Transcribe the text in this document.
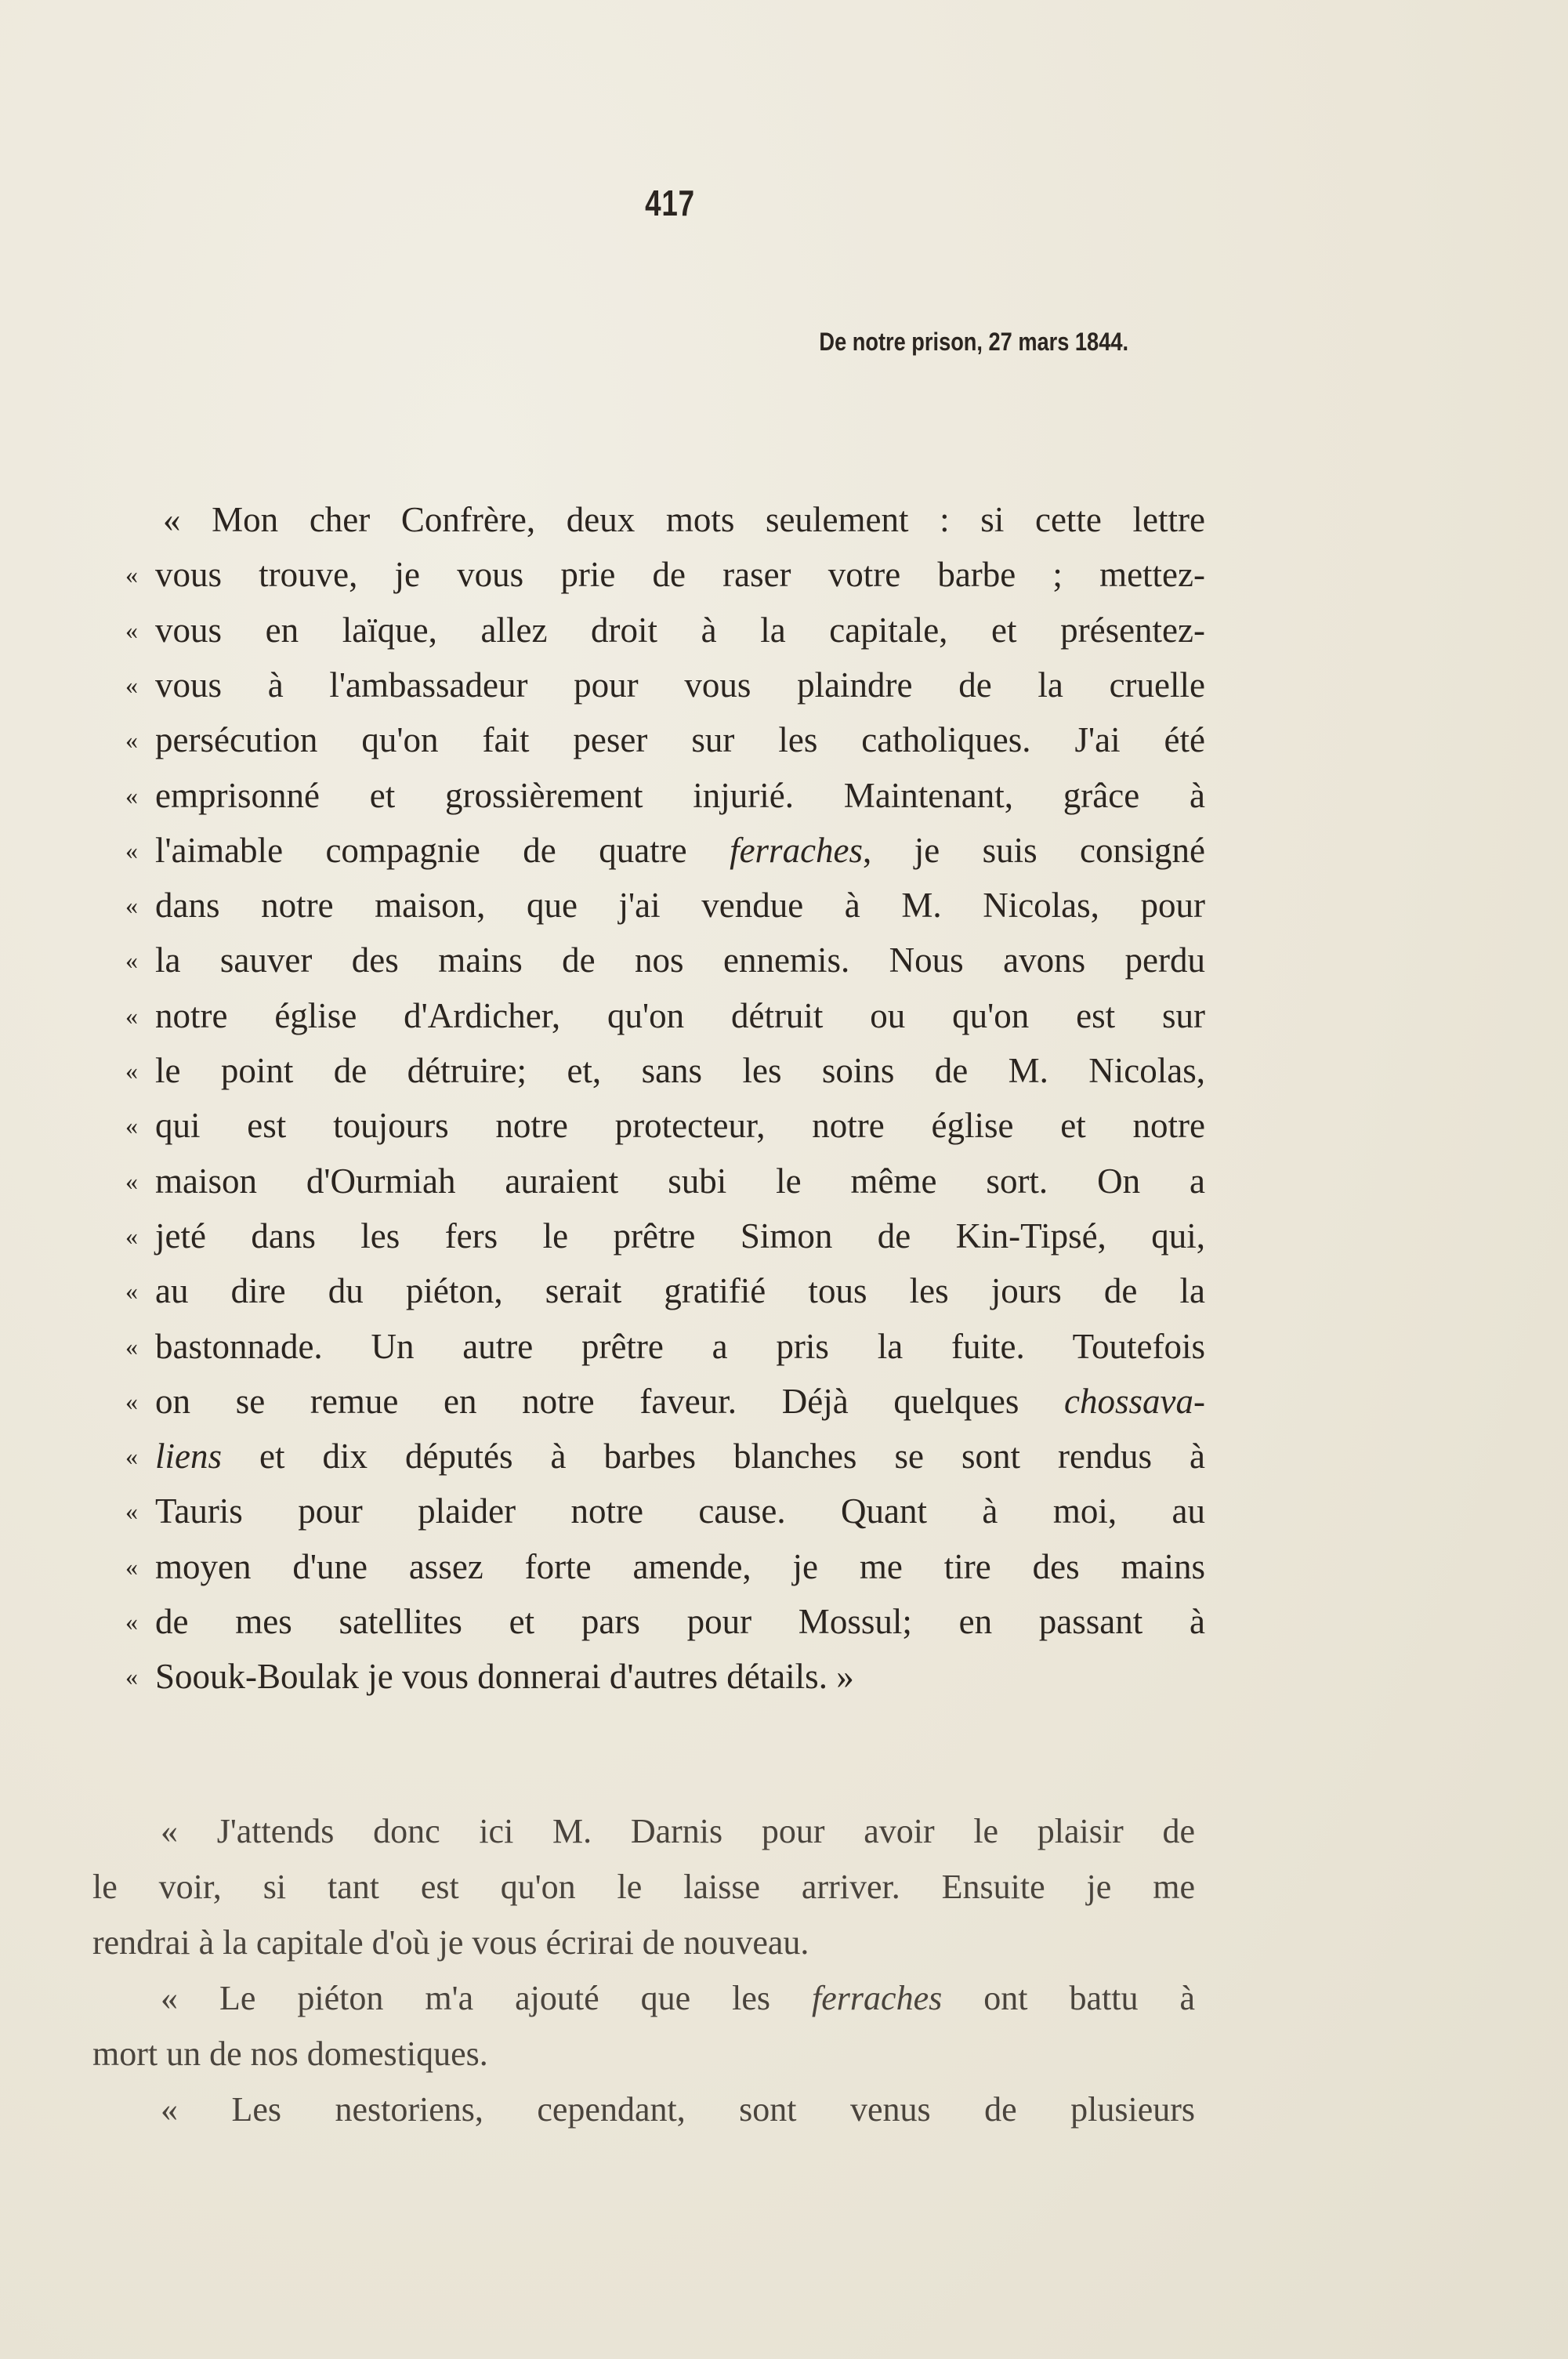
417
De notre prison, 27 mars 1844.
« Mon cher Confrère, deux mots seulement : si cette lettre
« vous trouve, je vous prie de raser votre barbe ; mettez-
« vous en laïque, allez droit à la capitale, et présentez-
« vous à l'ambassadeur pour vous plaindre de la cruelle
« persécution qu'on fait peser sur les catholiques. J'ai été
« emprisonné et grossièrement injurié. Maintenant, grâce à
« l'aimable compagnie de quatre ferraches, je suis consigné
« dans notre maison, que j'ai vendue à M. Nicolas, pour
« la sauver des mains de nos ennemis. Nous avons perdu
« notre église d'Ardicher, qu'on détruit ou qu'on est sur
« le point de détruire; et, sans les soins de M. Nicolas,
« qui est toujours notre protecteur, notre église et notre
« maison d'Ourmiah auraient subi le même sort. On a
« jeté dans les fers le prêtre Simon de Kin-Tipsé, qui,
« au dire du piéton, serait gratifié tous les jours de la
« bastonnade. Un autre prêtre a pris la fuite. Toutefois
« on se remue en notre faveur. Déjà quelques chossava-
« liens et dix députés à barbes blanches se sont rendus à
« Tauris pour plaider notre cause. Quant à moi, au
« moyen d'une assez forte amende, je me tire des mains
« de mes satellites et pars pour Mossul; en passant à
« Soouk-Boulak je vous donnerai d'autres détails. »
« J'attends donc ici M. Darnis pour avoir le plaisir de
le voir, si tant est qu'on le laisse arriver. Ensuite je me
rendrai à la capitale d'où je vous écrirai de nouveau.
« Le piéton m'a ajouté que les ferraches ont battu à
mort un de nos domestiques.
« Les nestoriens, cependant, sont venus de plusieurs
